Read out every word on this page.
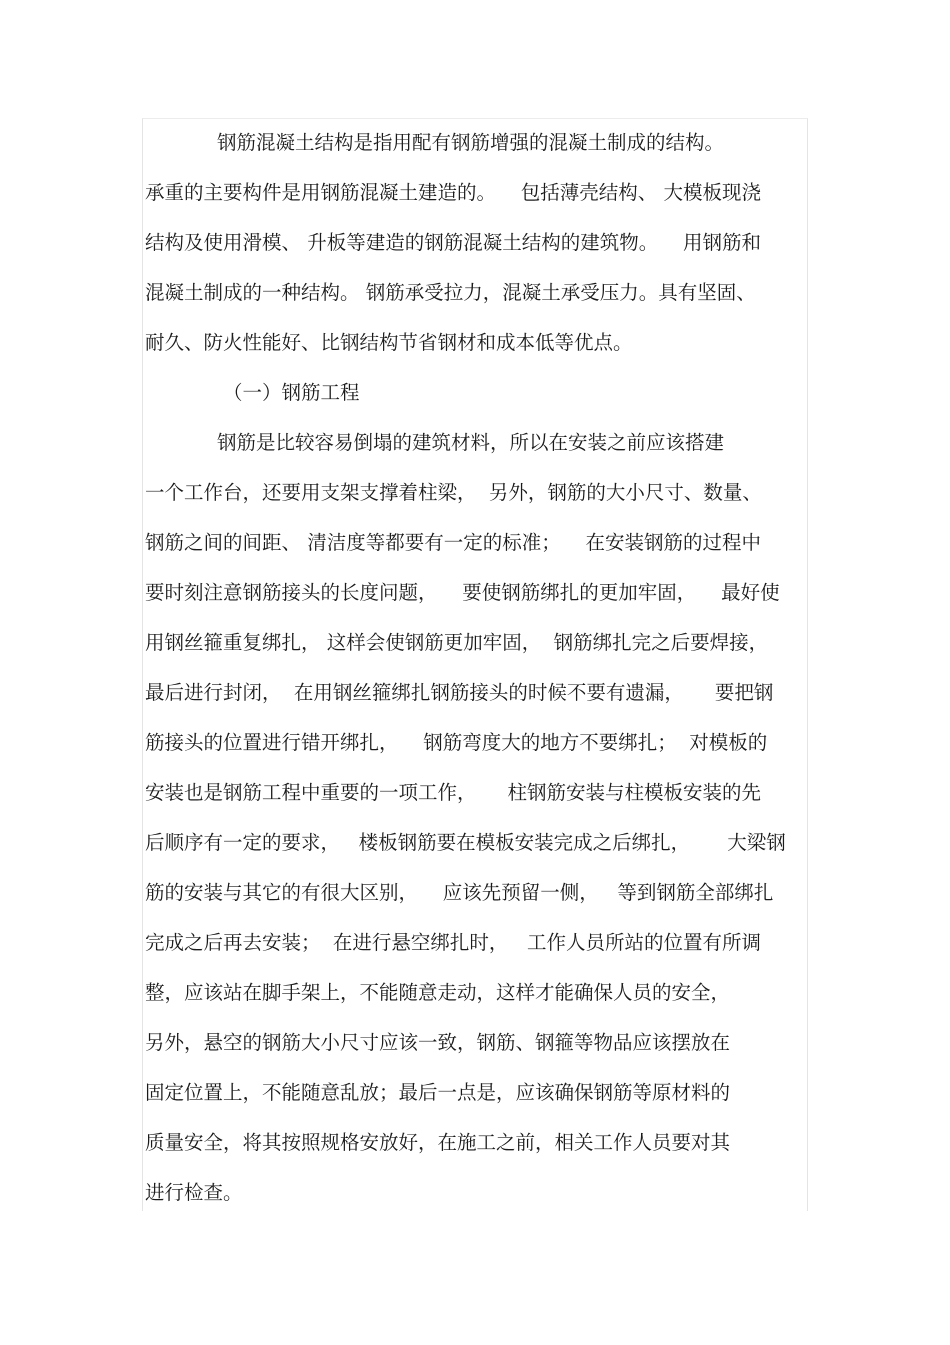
钢筋混凝土结构是指用配有钢筋增强的混凝土制成的结构。
承重的主要构件是用钢筋混凝土建造的。    包括薄壳结构、 大模板现浇
结构及使用滑模、 升板等建造的钢筋混凝土结构的建筑物。    用钢筋和
混凝土制成的一种结构。 钢筋承受拉力，混凝土承受压力。具有坚固、
耐久、防火性能好、比钢结构节省钢材和成本低等优点。
（一）钢筋工程
钢筋是比较容易倒塌的建筑材料，所以在安装之前应该搭建
一个工作台，还要用支架支撑着柱梁，  另外，钢筋的大小尺寸、数量、
钢筋之间的间距、 清洁度等都要有一定的标准；    在安装钢筋的过程中
要时刻注意钢筋接头的长度问题，    要使钢筋绑扎的更加牢固，    最好使
用钢丝箍重复绑扎， 这样会使钢筋更加牢固，  钢筋绑扎完之后要焊接，
最后进行封闭，  在用钢丝箍绑扎钢筋接头的时候不要有遗漏，     要把钢
筋接头的位置进行错开绑扎，    钢筋弯度大的地方不要绑扎；  对模板的
安装也是钢筋工程中重要的一项工作，     柱钢筋安装与柱模板安装的先
后顺序有一定的要求，   楼板钢筋要在模板安装完成之后绑扎，      大梁钢
筋的安装与其它的有很大区别，    应该先预留一侧，   等到钢筋全部绑扎
完成之后再去安装；  在进行悬空绑扎时，   工作人员所站的位置有所调
整，应该站在脚手架上，不能随意走动，这样才能确保人员的安全，
另外，悬空的钢筋大小尺寸应该一致，钢筋、钢箍等物品应该摆放在
固定位置上，不能随意乱放；最后一点是，应该确保钢筋等原材料的
质量安全，将其按照规格安放好，在施工之前，相关工作人员要对其
进行检查。
